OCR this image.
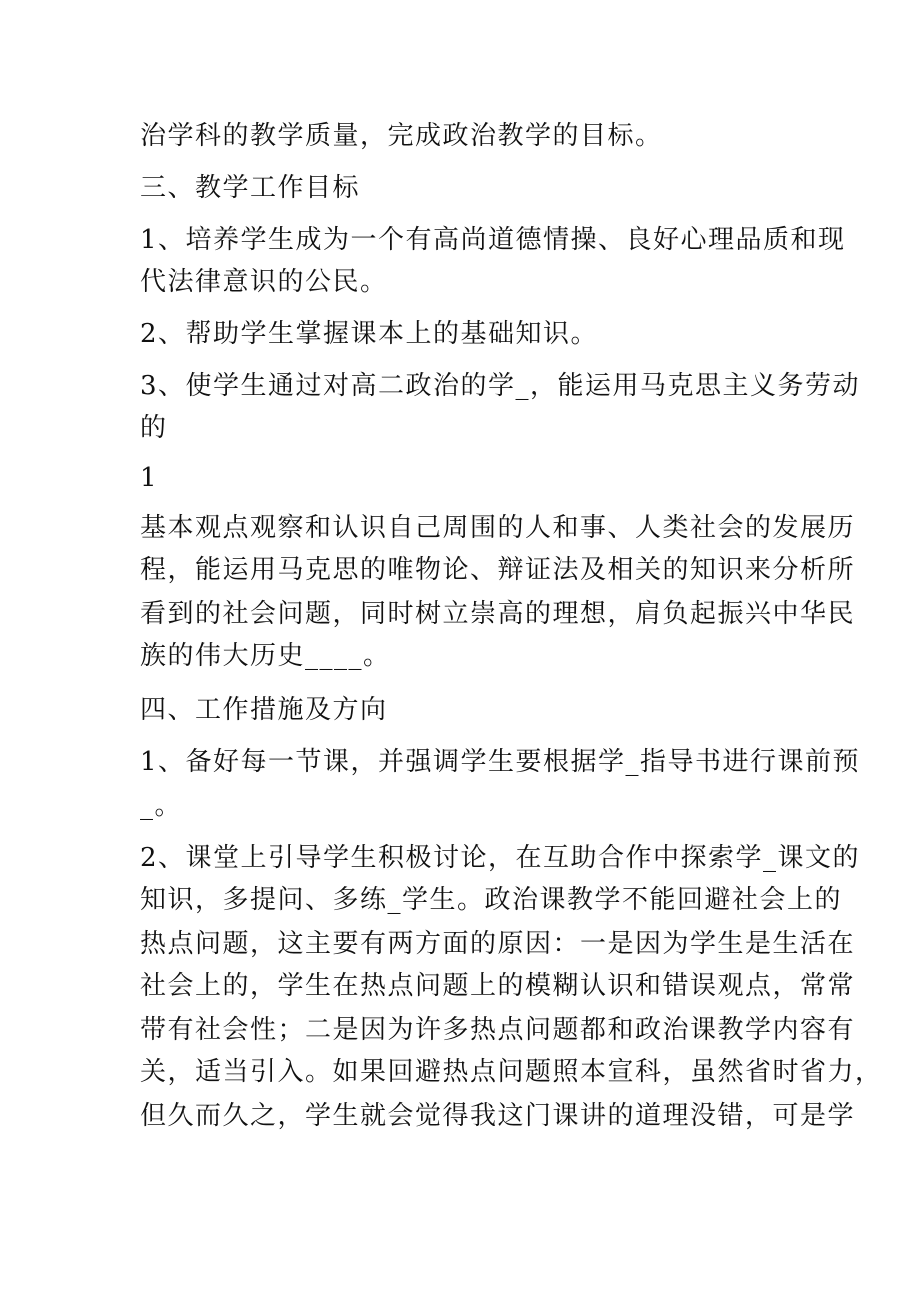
治学科的教学质量，完成政治教学的目标。
三、教学工作目标
1、培养学生成为一个有高尚道德情操、良好心理品质和现
代法律意识的公民。
2、帮助学生掌握课本上的基础知识。
3、使学生通过对高二政治的学_，能运用马克思主义务劳动
的
1
基本观点观察和认识自己周围的人和事、人类社会的发展历
程，能运用马克思的唯物论、辩证法及相关的知识来分析所
看到的社会问题，同时树立崇高的理想，肩负起振兴中华民
族的伟大历史____。
四、工作措施及方向
1、备好每一节课，并强调学生要根据学_指导书进行课前预
_。
2、课堂上引导学生积极讨论，在互助合作中探索学_课文的
知识，多提问、多练_学生。政治课教学不能回避社会上的
热点问题，这主要有两方面的原因：一是因为学生是生活在
社会上的，学生在热点问题上的模糊认识和错误观点，常常
带有社会性；二是因为许多热点问题都和政治课教学内容有
关，适当引入。如果回避热点问题照本宣科，虽然省时省力，
但久而久之，学生就会觉得我这门课讲的道理没错，可是学
